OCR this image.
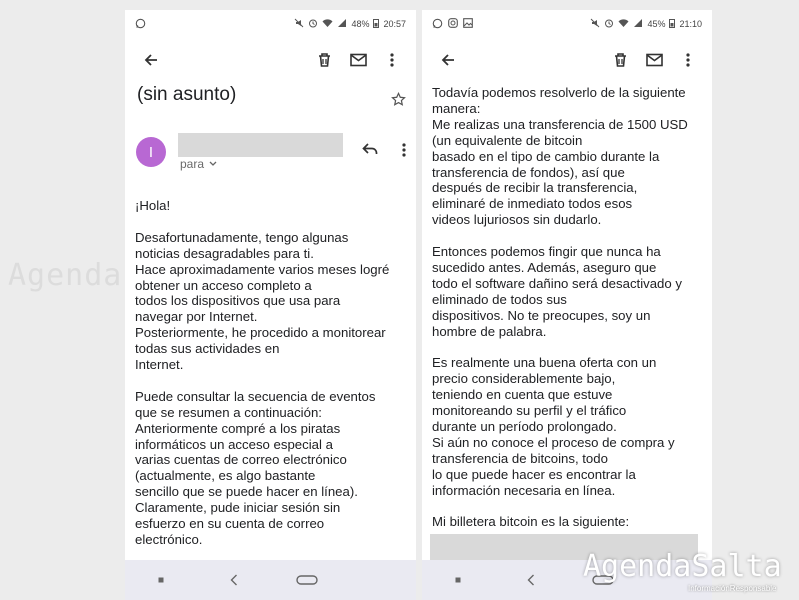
48% 20:57
(sin asunto)
I
para

¡Hola!

Desafortunadamente, tengo algunas
noticias desagradables para ti.
Hace aproximadamente varios meses logré
obtener un acceso completo a
todos los dispositivos que usa para
navegar por Internet.
Posteriormente, he procedido a monitorear
todas sus actividades en
Internet.

Puede consultar la secuencia de eventos
que se resumen a continuación:
Anteriormente compré a los piratas
informáticos un acceso especial a
varias cuentas de correo electrónico
(actualmente, es algo bastante
sencillo que se puede hacer en línea).
Claramente, pude iniciar sesión sin
esfuerzo en su cuenta de correo
electrónico.

45% 21:10

Todavía podemos resolverlo de la siguiente
manera:
Me realizas una transferencia de 1500 USD
(un equivalente de bitcoin
basado en el tipo de cambio durante la
transferencia de fondos), así que
después de recibir la transferencia,
eliminaré de inmediato todos esos
videos lujuriosos sin dudarlo.

Entonces podemos fingir que nunca ha
sucedido antes. Además, aseguro que
todo el software dañino será desactivado y
eliminado de todos sus
dispositivos. No te preocupes, soy un
hombre de palabra.

Es realmente una buena oferta con un
precio considerablemente bajo,
teniendo en cuenta que estuve
monitoreando su perfil y el tráfico
durante un período prolongado.
Si aún no conoce el proceso de compra y
transferencia de bitcoins, todo
lo que puede hacer es encontrar la
información necesaria en línea.

Mi billetera bitcoin es la siguiente:

Agenda
AgendaSalta
InformaciónResponsable
